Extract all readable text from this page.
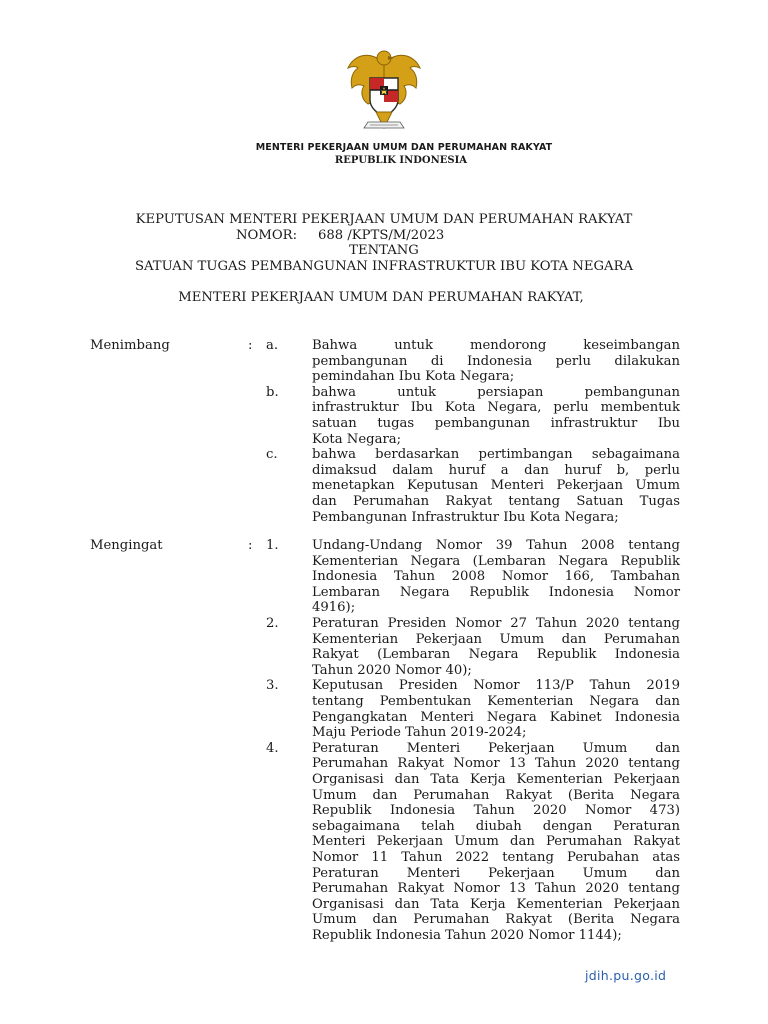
MENTERI PEKERJAAN UMUM DAN PERUMAHAN RAKYAT
REPUBLIK INDONESIA
KEPUTUSAN MENTERI PEKERJAAN UMUM DAN PERUMAHAN RAKYAT
NOMOR:     688 /KPTS/M/2023
TENTANG
SATUAN TUGAS PEMBANGUNAN INFRASTRUKTUR IBU KOTA NEGARA
MENTERI PEKERJAAN UMUM DAN PERUMAHAN RAKYAT,
Menimbang	: a.	Bahwa untuk mendorong keseimbangan
pembangunan di Indonesia perlu dilakukan
pemindahan Ibu Kota Negara;
b.	bahwa untuk persiapan pembangunan
infrastruktur Ibu Kota Negara, perlu membentuk
satuan tugas pembangunan infrastruktur Ibu
Kota Negara;
c.	bahwa berdasarkan pertimbangan sebagaimana
dimaksud dalam huruf a dan huruf b, perlu
menetapkan Keputusan Menteri Pekerjaan Umum
dan Perumahan Rakyat tentang Satuan Tugas
Pembangunan Infrastruktur Ibu Kota Negara;
Mengingat	: 1.	Undang-Undang Nomor 39 Tahun 2008 tentang
Kementerian Negara (Lembaran Negara Republik
Indonesia Tahun 2008 Nomor 166, Tambahan
Lembaran Negara Republik Indonesia Nomor
4916);
2.	Peraturan Presiden Nomor 27 Tahun 2020 tentang
Kementerian Pekerjaan Umum dan Perumahan
Rakyat (Lembaran Negara Republik Indonesia
Tahun 2020 Nomor 40);
3.	Keputusan Presiden Nomor 113/P Tahun 2019
tentang Pembentukan Kementerian Negara dan
Pengangkatan Menteri Negara Kabinet Indonesia
Maju Periode Tahun 2019-2024;
4.	Peraturan Menteri Pekerjaan Umum dan
Perumahan Rakyat Nomor 13 Tahun 2020 tentang
Organisasi dan Tata Kerja Kementerian Pekerjaan
Umum dan Perumahan Rakyat (Berita Negara
Republik Indonesia Tahun 2020 Nomor 473)
sebagaimana telah diubah dengan Peraturan
Menteri Pekerjaan Umum dan Perumahan Rakyat
Nomor 11 Tahun 2022 tentang Perubahan atas
Peraturan Menteri Pekerjaan Umum dan
Perumahan Rakyat Nomor 13 Tahun 2020 tentang
Organisasi dan Tata Kerja Kementerian Pekerjaan
Umum dan Perumahan Rakyat (Berita Negara
Republik Indonesia Tahun 2020 Nomor 1144);
jdih.pu.go.id
